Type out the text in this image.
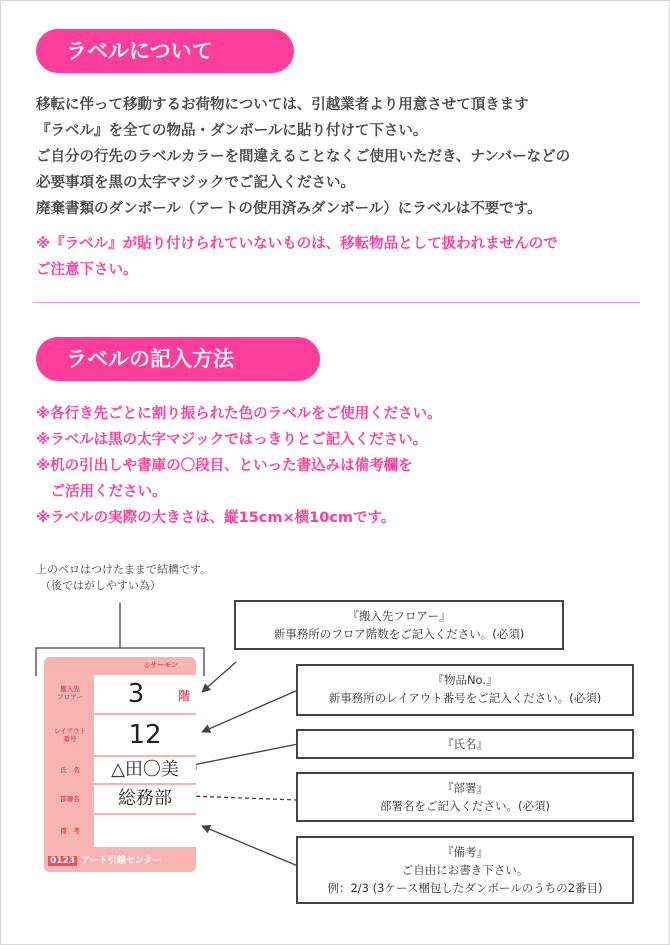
ラベルについて
移転に伴って移動するお荷物については、引越業者より用意させて頂きます
『ラベル』を全ての物品・ダンボールに貼り付けて下さい。
ご自分の行先のラベルカラーを間違えることなくご使用いただき、ナンバーなどの
必要事項を黒の太字マジックでご記入ください。
廃棄書類のダンボール（アートの使用済みダンボール）にラベルは不要です。
※『ラベル』が貼り付けられていないものは、移転物品として扱われませんので
ご注意下さい。
ラベルの記入方法
※各行き先ごとに割り振られた色のラベルをご使用ください。
※ラベルは黒の太字マジックではっきりとご記入ください。
※机の引出しや書庫の〇段目、といった書込みは備考欄を
　ご活用ください。
※ラベルの実際の大きさは、縦15cm×横10cmです。
上のベロはつけたままで結構です。
（後ではがしやすい為）
◎サーモン
搬入先
フロアー	3	階
レイアウト
番号	12
氏　名	△田〇美
部署名	総務部
備　考
0123 アート引越センター
『搬入先フロアー』
新事務所のフロア階数をご記入ください。(必須)
『物品No.』
新事務所のレイアウト番号をご記入ください。(必須)
『氏名』
『部署』
部署名をご記入ください。(必須)
『備考』
ご自由にお書き下さい。
例：2/3 (3ケース梱包したダンボールのうちの2番目)
